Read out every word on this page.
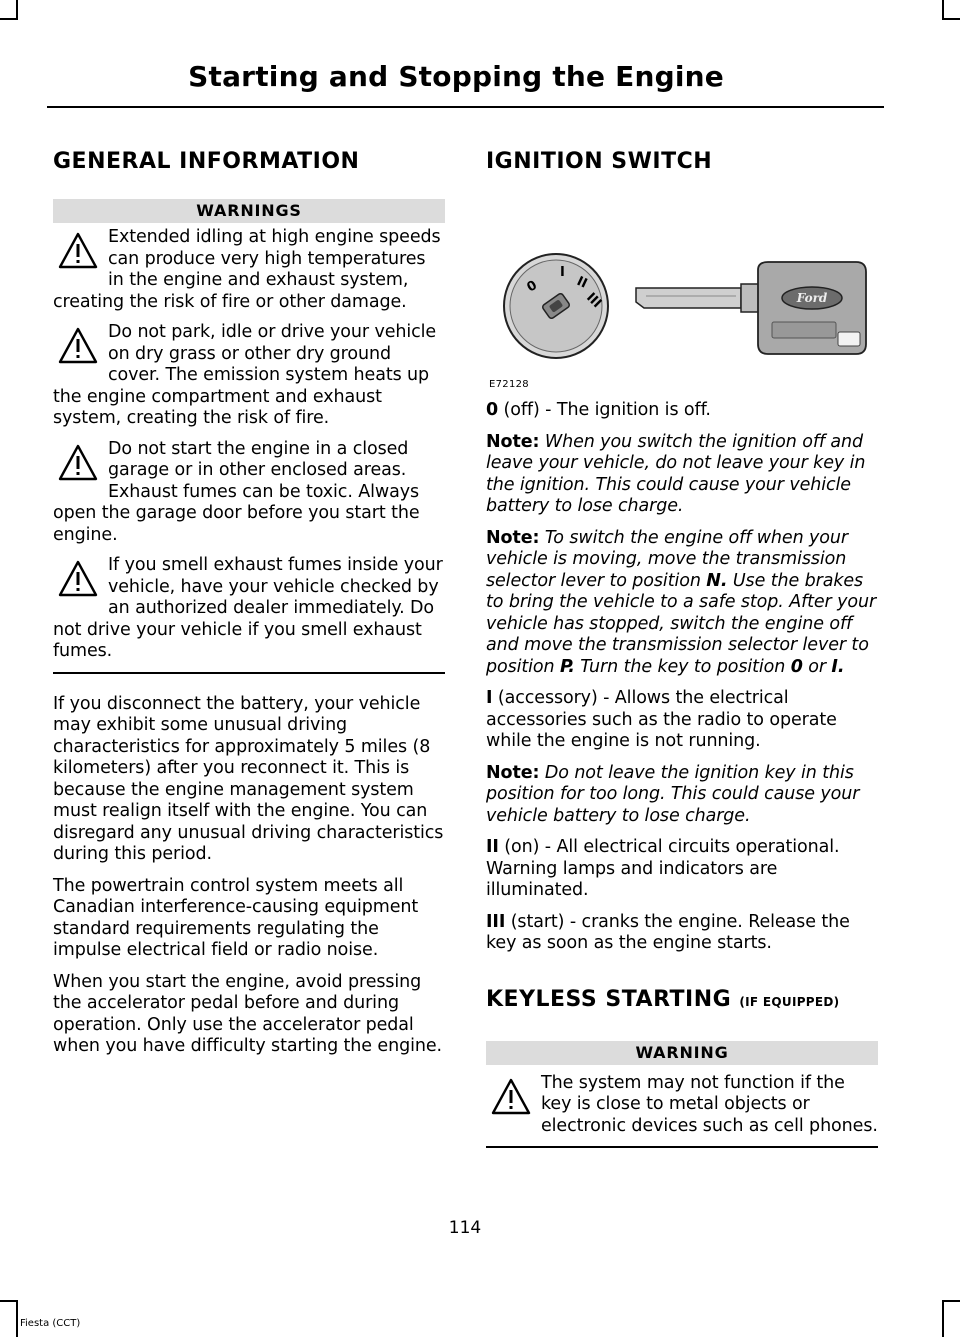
Starting and Stopping the Engine
GENERAL INFORMATION
WARNINGS

Extended idling at high engine speeds can produce very high temperatures in the engine and exhaust system, creating the risk of fire or other damage.

Do not park, idle or drive your vehicle on dry grass or other dry ground cover. The emission system heats up the engine compartment and exhaust system, creating the risk of fire.

Do not start the engine in a closed garage or in other enclosed areas. Exhaust fumes can be toxic. Always open the garage door before you start the engine.

If you smell exhaust fumes inside your vehicle, have your vehicle checked by an authorized dealer immediately. Do not drive your vehicle if you smell exhaust fumes.

If you disconnect the battery, your vehicle may exhibit some unusual driving characteristics for approximately 5 miles (8 kilometers) after you reconnect it. This is because the engine management system must realign itself with the engine. You can disregard any unusual driving characteristics during this period.

The powertrain control system meets all Canadian interference-causing equipment standard requirements regulating the impulse electrical field or radio noise.

When you start the engine, avoid pressing the accelerator pedal before and during operation. Only use the accelerator pedal when you have difficulty starting the engine.

IGNITION SWITCH
0
I
II
III	Ford
E72128

0 (off) - The ignition is off.

Note: When you switch the ignition off and leave your vehicle, do not leave your key in the ignition. This could cause your vehicle battery to lose charge.

Note: To switch the engine off when your vehicle is moving, move the transmission selector lever to position N. Use the brakes to bring the vehicle to a safe stop. After your vehicle has stopped, switch the engine off and move the transmission selector lever to position P. Turn the key to position 0 or I.

I (accessory) - Allows the electrical accessories such as the radio to operate while the engine is not running.

Note: Do not leave the ignition key in this position for too long. This could cause your vehicle battery to lose charge.

II (on) - All electrical circuits operational. Warning lamps and indicators are illuminated.

III (start) - cranks the engine. Release the key as soon as the engine starts.

KEYLESS STARTING (IF EQUIPPED)
WARNING

The system may not function if the key is close to metal objects or electronic devices such as cell phones.

114
Fiesta (CCT)
